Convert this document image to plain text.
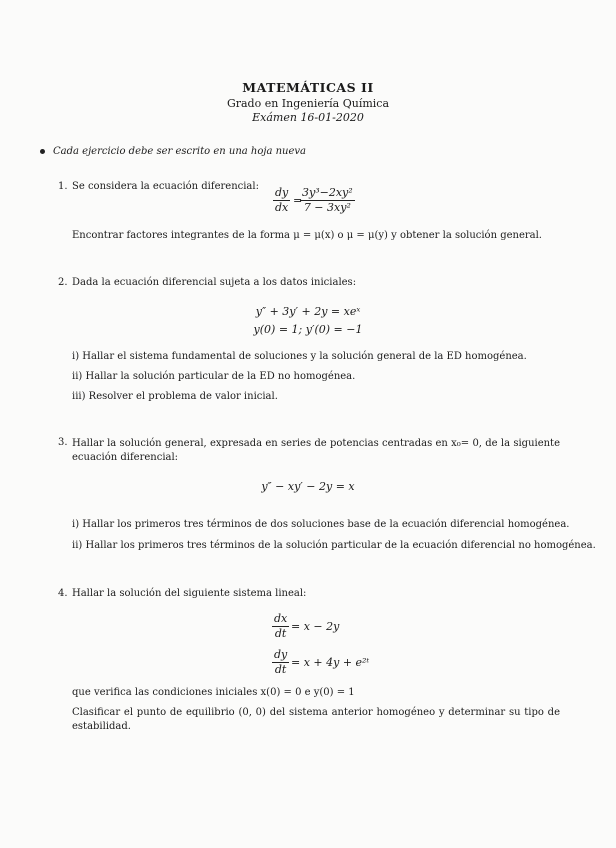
MATEMÁTICAS II
Grado en Ingeniería Química
Exámen 16-01-2020
Cada ejercicio debe ser escrito en una hoja nueva
1. Se considera la ecuación diferencial: $\frac{dy}{dx}$ =
$\frac{\text{3y³−2xy²}}{\text{7 − 3xy²}}$
Encontrar factores integrantes de la forma μ = μ(x) o μ = μ(y) y obtener la solución general.
2. Dada la ecuación diferencial sujeta a los datos iniciales:
y″ + 3y′ + 2y = xeˣ
y(0) = 1; y′(0) = −1
i) Hallar el sistema fundamental de soluciones y la solución general de la ED homogénea.
ii) Hallar la solución particular de la ED no homogénea.
iii) Resolver el problema de valor inicial.
3. Hallar la solución general, expresada en series de potencias centradas en x₀= 0, de la siguiente ecuación diferencial:
y″ − xy′ − 2y = x
i) Hallar los primeros tres términos de dos soluciones base de la ecuación diferencial homogénea.
ii) Hallar los primeros tres términos de la solución particular de la ecuación diferencial no homogénea.
4. Hallar la solución del siguiente sistema lineal:
$\frac{dx}{dt} = x - 2y$
$\frac{dy}{dt} = x + 4y$ + e²ᵗ
que verifica las condiciones iniciales x(0) = 0 e y(0) = 1
Clasificar el punto de equilibrio (0, 0) del sistema anterior homogéneo y determinar su tipo de estabilidad.
